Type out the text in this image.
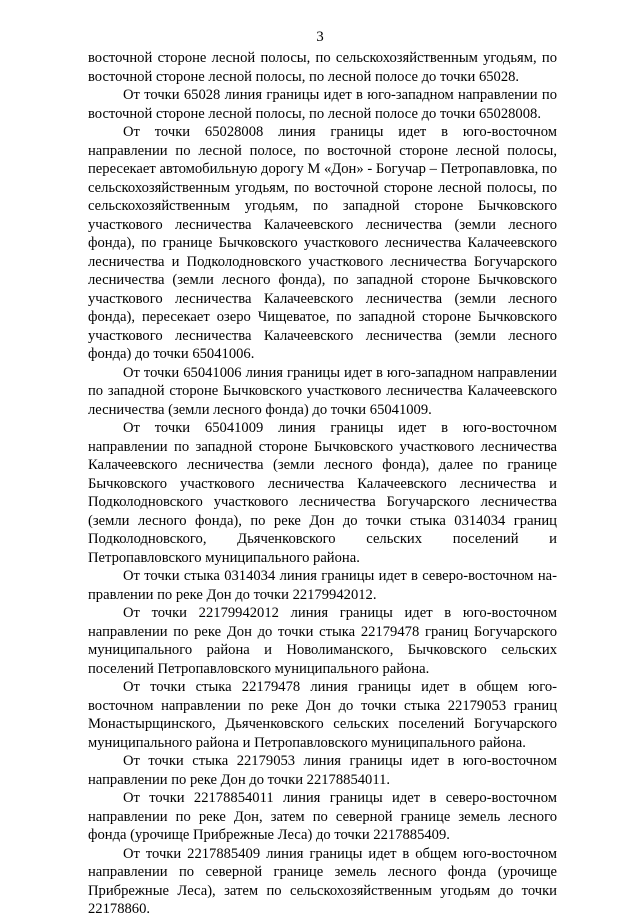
3

восточной стороне лесной полосы, по сельскохозяйственным угодьям, по восточной стороне лесной полосы, по лесной полосе до точки 65028.

От точки 65028 линия границы идет в юго-западном направлении по восточной стороне лесной полосы, по лесной полосе до точки 65028008.

От точки 65028008 линия границы идет в юго-восточном направлении по лесной полосе, по восточной стороне лесной полосы, пересекает автомобильную дорогу М «Дон» - Богучар – Петропавловка, по сельскохозяйственным угодьям, по восточной стороне лесной полосы, по сельскохозяйственным угодьям, по западной стороне Бычковского участкового лесничества Калачеевского лесничества (земли лесного фонда), по границе Бычковского участкового лесничества Калачеевского лесничества и Подколодновского участкового лесничества Богучарского лесничества (земли лесного фонда), по западной стороне Бычковского участкового лесничества Калачеевского лесничества (земли лесного фонда), пересекает озеро Чищеватое, по западной стороне Бычковского участкового лесничества Калачеевского лесничества (земли лесного фонда) до точки 65041006.

От точки 65041006 линия границы идет в юго-западном направлении по западной стороне Бычковского участкового лесничества Калачеевского лесничества (земли лесного фонда) до точки 65041009.

От точки 65041009 линия границы идет в юго-восточном направлении по западной стороне Бычковского участкового лесничества Калачеевского лесничества (земли лесного фонда), далее по границе Бычковского участкового лесничества Калачеевского лесничества и Подколодновского участкового лесничества Богучарского лесничества (земли лесного фонда), по реке Дон до точки стыка 0314034 границ Подколодновского, Дьяченковского сельских поселений и Петропавловского муниципального района.

От точки стыка 0314034 линия границы идет в северо-восточном направлении по реке Дон до точки 22179942012.

От точки 22179942012 линия границы идет в юго-восточном направлении по реке Дон до точки стыка 22179478 границ Богучарского муниципального района и Новолиманского, Бычковского сельских поселений Петропавловского муниципального района.

От точки стыка 22179478 линия границы идет в общем юго-восточном направлении по реке Дон до точки стыка 22179053 границ Монастырщинского, Дьяченковского сельских поселений Богучарского муниципального района и Петропавловского муниципального района.

От точки стыка 22179053 линия границы идет в юго-восточном направлении по реке Дон до точки 22178854011.

От точки 22178854011 линия границы идет в северо-восточном направлении по реке Дон, затем по северной границе земель лесного фонда (урочище Прибрежные Леса) до точки 2217885409.

От точки 2217885409 линия границы идет в общем юго-восточном направлении по северной границе земель лесного фонда (урочище Прибрежные Леса), затем по сельскохозяйственным угодьям до точки 22178860.
